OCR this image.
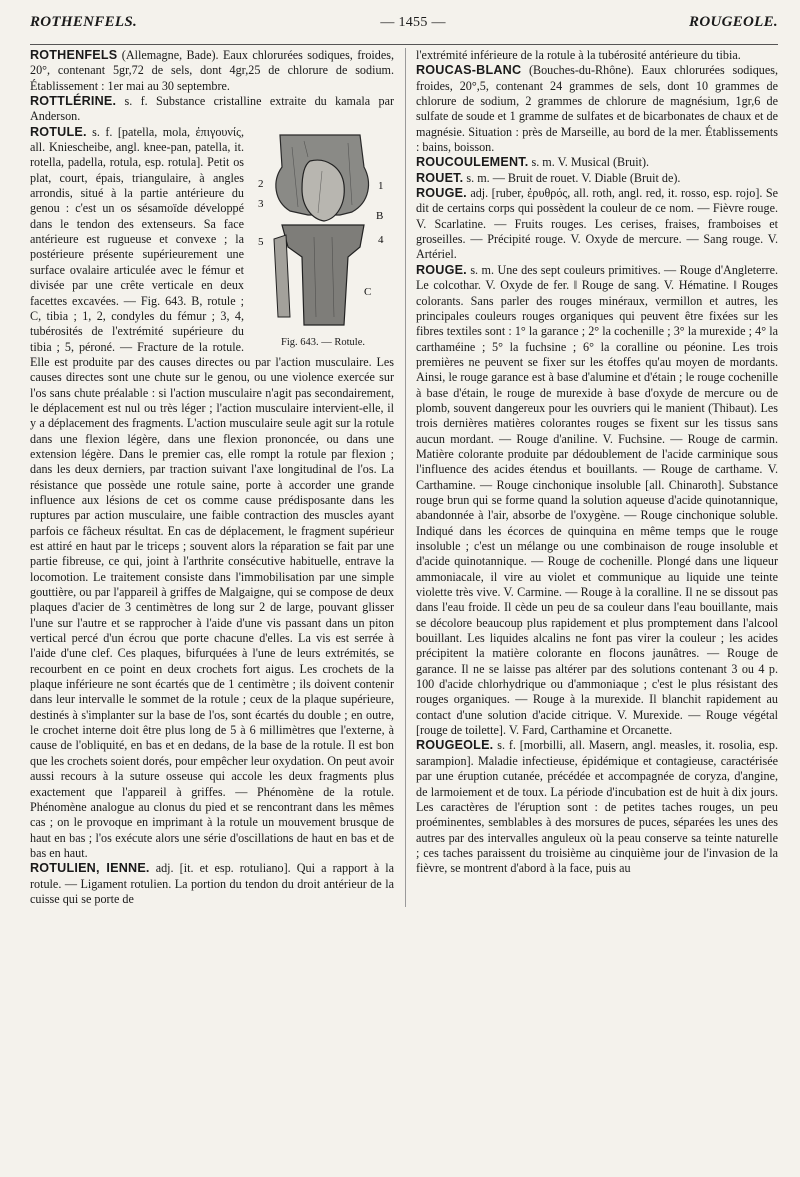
ROTHENFELS.	— 1455 —	ROUGEOLE.

ROTHENFELS (Allemagne, Bade). Eaux chlorurées sodiques, froides, 20°, contenant 5gr,72 de sels, dont 4gr,25 de chlorure de sodium. Établissement : 1er mai au 30 septembre.

ROTTLÉRINE. s. f. Substance cristalline extraite du kamala par Anderson.

2
3
5
1
B
4
C
Fig. 643. — Rotule.

ROTULE. s. f. [patella, mola, ἐπιγουνίς, all. Kniescheibe, angl. knee-pan, patella, it. rotella, padella, rotula, esp. rotula]. Petit os plat, court, épais, triangulaire, à angles arrondis, situé à la partie antérieure du genou : c'est un os sésamoïde développé dans le tendon des extenseurs. Sa face antérieure est rugueuse et convexe ; la postérieure présente supérieurement une surface ovalaire articulée avec le fémur et divisée par une crête verticale en deux facettes excavées. — Fig. 643. B, rotule ; C, tibia ; 1, 2, condyles du fémur ; 3, 4, tubérosités de l'extrémité supérieure du tibia ; 5, péroné. — Fracture de la rotule. Elle est produite par des causes directes ou par l'action musculaire. Les causes directes sont une chute sur le genou, ou une violence exercée sur l'os sans chute préalable : si l'action musculaire n'agit pas secondairement, le déplacement est nul ou très léger ; l'action musculaire intervient-elle, il y a déplacement des fragments. L'action musculaire seule agit sur la rotule dans une flexion légère, dans une flexion prononcée, ou dans une extension légère. Dans le premier cas, elle rompt la rotule par flexion ; dans les deux derniers, par traction suivant l'axe longitudinal de l'os. La résistance que possède une rotule saine, porte à accorder une grande influence aux lésions de cet os comme cause prédisposante dans les ruptures par action musculaire, une faible contraction des muscles ayant parfois ce fâcheux résultat. En cas de déplacement, le fragment supérieur est attiré en haut par le triceps ; souvent alors la réparation se fait par une partie fibreuse, ce qui, joint à l'arthrite consécutive habituelle, entrave la locomotion. Le traitement consiste dans l'immobilisation par une simple gouttière, ou par l'appareil à griffes de Malgaigne, qui se compose de deux plaques d'acier de 3 centimètres de long sur 2 de large, pouvant glisser l'une sur l'autre et se rapprocher à l'aide d'une vis passant dans un piton vertical percé d'un écrou que porte chacune d'elles. La vis est serrée à l'aide d'une clef. Ces plaques, bifurquées à l'une de leurs extrémités, se recourbent en ce point en deux crochets fort aigus. Les crochets de la plaque inférieure ne sont écartés que de 1 centimètre ; ils doivent contenir dans leur intervalle le sommet de la rotule ; ceux de la plaque supérieure, destinés à s'implanter sur la base de l'os, sont écartés du double ; en outre, le crochet interne doit être plus long de 5 à 6 millimètres que l'externe, à cause de l'obliquité, en bas et en dedans, de la base de la rotule. Il est bon que les crochets soient dorés, pour empêcher leur oxydation. On peut avoir aussi recours à la suture osseuse qui accole les deux fragments plus exactement que l'appareil à griffes. — Phénomène de la rotule. Phénomène analogue au clonus du pied et se rencontrant dans les mêmes cas ; on le provoque en imprimant à la rotule un mouvement brusque de haut en bas ; l'os exécute alors une série d'oscillations de haut en bas et de bas en haut.

ROTULIEN, IENNE. adj. [it. et esp. rotuliano]. Qui a rapport à la rotule. — Ligament rotulien. La portion du tendon du droit antérieur de la cuisse qui se porte de

l'extrémité inférieure de la rotule à la tubérosité antérieure du tibia.

ROUCAS-BLANC (Bouches-du-Rhône). Eaux chlorurées sodiques, froides, 20°,5, contenant 24 grammes de sels, dont 10 grammes de chlorure de sodium, 2 grammes de chlorure de magnésium, 1gr,6 de sulfate de soude et 1 gramme de sulfates et de bicarbonates de chaux et de magnésie. Situation : près de Marseille, au bord de la mer. Établissements : bains, boisson.

ROUCOULEMENT. s. m. V. Musical (Bruit).

ROUET. s. m. — Bruit de rouet. V. Diable (Bruit de).

ROUGE. adj. [ruber, ἐρυθρός, all. roth, angl. red, it. rosso, esp. rojo]. Se dit de certains corps qui possèdent la couleur de ce nom. — Fièvre rouge. V. Scarlatine. — Fruits rouges. Les cerises, fraises, framboises et groseilles. — Précipité rouge. V. Oxyde de mercure. — Sang rouge. V. Artériel.

ROUGE. s. m. Une des sept couleurs primitives. — Rouge d'Angleterre. Le colcothar. V. Oxyde de fer. ‖ Rouge de sang. V. Hématine. ‖ Rouges colorants. Sans parler des rouges minéraux, vermillon et autres, les principales couleurs rouges organiques qui peuvent être fixées sur les fibres textiles sont : 1° la garance ; 2° la cochenille ; 3° la murexide ; 4° la carthaméine ; 5° la fuchsine ; 6° la coralline ou péonine. Les trois premières ne peuvent se fixer sur les étoffes qu'au moyen de mordants. Ainsi, le rouge garance est à base d'alumine et d'étain ; le rouge cochenille à base d'étain, le rouge de murexide à base d'oxyde de mercure ou de plomb, souvent dangereux pour les ouvriers qui le manient (Thibaut). Les trois dernières matières colorantes rouges se fixent sur les tissus sans aucun mordant. — Rouge d'aniline. V. Fuchsine. — Rouge de carmin. Matière colorante produite par dédoublement de l'acide carminique sous l'influence des acides étendus et bouillants. — Rouge de carthame. V. Carthamine. — Rouge cinchonique insoluble [all. Chinaroth]. Substance rouge brun qui se forme quand la solution aqueuse d'acide quinotannique, abandonnée à l'air, absorbe de l'oxygène. — Rouge cinchonique soluble. Indiqué dans les écorces de quinquina en même temps que le rouge insoluble ; c'est un mélange ou une combinaison de rouge insoluble et d'acide quinotannique. — Rouge de cochenille. Plongé dans une liqueur ammoniacale, il vire au violet et communique au liquide une teinte violette très vive. V. Carmine. — Rouge à la coralline. Il ne se dissout pas dans l'eau froide. Il cède un peu de sa couleur dans l'eau bouillante, mais se décolore beaucoup plus rapidement et plus promptement dans l'alcool bouillant. Les liquides alcalins ne font pas virer la couleur ; les acides précipitent la matière colorante en flocons jaunâtres. — Rouge de garance. Il ne se laisse pas altérer par des solutions contenant 3 ou 4 p. 100 d'acide chlorhydrique ou d'ammoniaque ; c'est le plus résistant des rouges organiques. — Rouge à la murexide. Il blanchit rapidement au contact d'une solution d'acide citrique. V. Murexide. — Rouge végétal [rouge de toilette]. V. Fard, Carthamine et Orcanette.

ROUGEOLE. s. f. [morbilli, all. Masern, angl. measles, it. rosolia, esp. sarampion]. Maladie infectieuse, épidémique et contagieuse, caractérisée par une éruption cutanée, précédée et accompagnée de coryza, d'angine, de larmoiement et de toux. La période d'incubation est de huit à dix jours. Les caractères de l'éruption sont : de petites taches rouges, un peu proéminentes, semblables à des morsures de puces, séparées les unes des autres par des intervalles anguleux où la peau conserve sa teinte naturelle ; ces taches paraissent du troisième au cinquième jour de l'invasion de la fièvre, se montrent d'abord à la face, puis au
